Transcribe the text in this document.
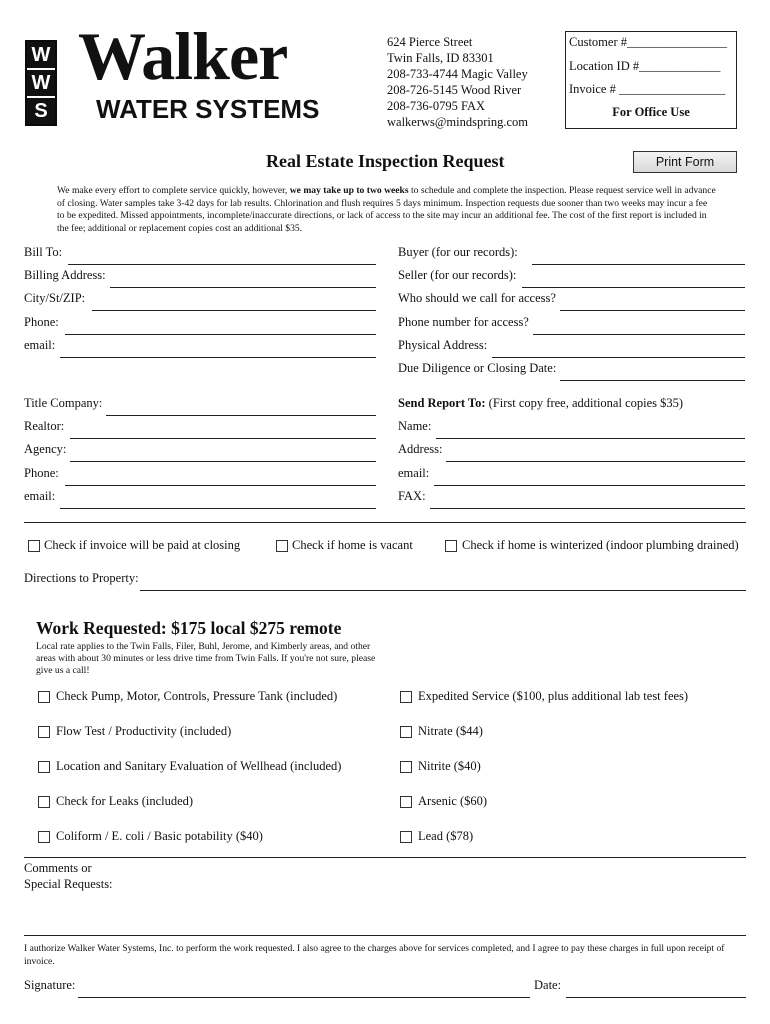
W
W
S
Walker
WATER SYSTEMS
624 Pierce Street
Twin Falls, ID 83301
208-733-4744 Magic Valley
208-726-5145 Wood River
208-736-0795 FAX
walkerws@mindspring.com
Customer #________________
Location ID #_____________
Invoice # _________________
For Office Use
Real Estate Inspection Request	Print Form
We make every effort to complete service quickly, however, we may take up to two weeks to schedule and complete the inspection. Please request service well in advance of closing. Water samples take 3-42 days for lab results. Chlorination and flush requires 5 days minimum. Inspection requests due sooner than two weeks may incur a fee to be expedited. Missed appointments, incomplete/inaccurate directions, or lack of access to the site may incur an additional fee. The cost of the first report is included in the fee; additional or replacement copies cost an additional $35.
Bill To:
Billing Address:
City/St/ZIP:
Phone:
email:
Buyer (for our records):
Seller (for our records):
Who should we call for access?
Phone number for access?
Physical Address:
Due Diligence or Closing Date:
Title Company:
Realtor:
Agency:
Phone:
email:
Send Report To: (First copy free, additional copies $35)
Name:
Address:
email:
FAX:
Check if invoice will be paid at closing	Check if home is vacant	Check if home is winterized (indoor plumbing drained)
Directions to Property:
Work Requested: $175 local $275 remote
Local rate applies to the Twin Falls, Filer, Buhl, Jerome, and Kimberly areas, and other areas with about 30 minutes or less drive time from Twin Falls. If you're not sure, please give us a call!
Check Pump, Motor, Controls, Pressure Tank (included)
Flow Test / Productivity (included)
Location and Sanitary Evaluation of Wellhead (included)
Check for Leaks (included)
Coliform / E. coli / Basic potability ($40)
Expedited Service ($100, plus additional lab test fees)
Nitrate ($44)
Nitrite ($40)
Arsenic ($60)
Lead ($78)
Comments or
Special Requests:
I authorize Walker Water Systems, Inc. to perform the work requested. I also agree to the charges above for services completed, and I agree to pay these charges in full upon receipt of invoice.
Signature:	Date:
